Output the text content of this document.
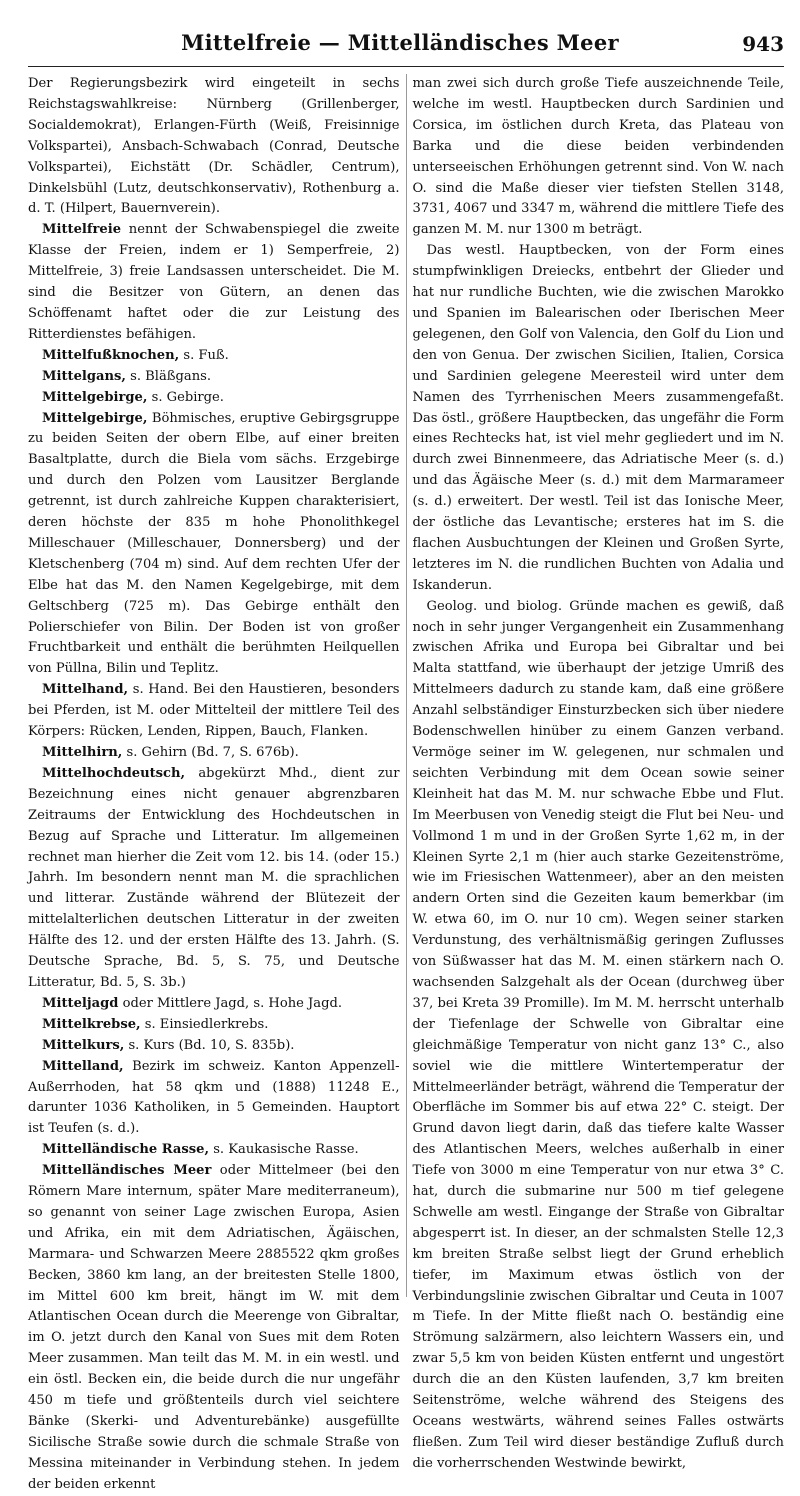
Mittelfreie — Mittelländisches Meer	943

Der Regierungsbezirk wird eingeteilt in sechs Reichstagswahlkreise: Nürnberg (Grillenberger, Socialdemokrat), Erlangen-Fürth (Weiß, Freisinnige Volkspartei), Ansbach-Schwabach (Conrad, Deutsche Volkspartei), Eichstätt (Dr. Schädler, Centrum), Dinkelsbühl (Lutz, deutschkonservativ), Rothenburg a. d. T. (Hilpert, Bauernverein).

Mittelfreie nennt der Schwabenspiegel die zweite Klasse der Freien, indem er 1) Semperfreie, 2) Mittelfreie, 3) freie Landsassen unterscheidet. Die M. sind die Besitzer von Gütern, an denen das Schöffenamt haftet oder die zur Leistung des Ritterdienstes befähigen.

Mittelfußknochen, s. Fuß.

Mittelgans, s. Bläßgans.

Mittelgebirge, s. Gebirge.

Mittelgebirge, Böhmisches, eruptive Gebirgsgruppe zu beiden Seiten der obern Elbe, auf einer breiten Basaltplatte, durch die Biela vom sächs. Erzgebirge und durch den Polzen vom Lausitzer Berglande getrennt, ist durch zahlreiche Kuppen charakterisiert, deren höchste der 835 m hohe Phonolithkegel Milleschauer (Milleschauer, Donnersberg) und der Kletschenberg (704 m) sind. Auf dem rechten Ufer der Elbe hat das M. den Namen Kegelgebirge, mit dem Geltschberg (725 m). Das Gebirge enthält den Polierschiefer von Bilin. Der Boden ist von großer Fruchtbarkeit und enthält die berühmten Heilquellen von Püllna, Bilin und Teplitz.

Mittelhand, s. Hand. Bei den Haustieren, besonders bei Pferden, ist M. oder Mittelteil der mittlere Teil des Körpers: Rücken, Lenden, Rippen, Bauch, Flanken.

Mittelhirn, s. Gehirn (Bd. 7, S. 676b).

Mittelhochdeutsch, abgekürzt Mhd., dient zur Bezeichnung eines nicht genauer abgrenzbaren Zeitraums der Entwicklung des Hochdeutschen in Bezug auf Sprache und Litteratur. Im allgemeinen rechnet man hierher die Zeit vom 12. bis 14. (oder 15.) Jahrh. Im besondern nennt man M. die sprachlichen und litterar. Zustände während der Blütezeit der mittelalterlichen deutschen Litteratur in der zweiten Hälfte des 12. und der ersten Hälfte des 13. Jahrh. (S. Deutsche Sprache, Bd. 5, S. 75, und Deutsche Litteratur, Bd. 5, S. 3b.)

Mitteljagd oder Mittlere Jagd, s. Hohe Jagd.

Mittelkrebse, s. Einsiedlerkrebs.

Mittelkurs, s. Kurs (Bd. 10, S. 835b).

Mittelland, Bezirk im schweiz. Kanton Appenzell-Außerrhoden, hat 58 qkm und (1888) 11248 E., darunter 1036 Katholiken, in 5 Gemeinden. Hauptort ist Teufen (s. d.).

Mittelländische Rasse, s. Kaukasische Rasse.

Mittelländisches Meer oder Mittelmeer (bei den Römern Mare internum, später Mare mediterraneum), so genannt von seiner Lage zwischen Europa, Asien und Afrika, ein mit dem Adriatischen, Ägäischen, Marmara- und Schwarzen Meere 2885522 qkm großes Becken, 3860 km lang, an der breitesten Stelle 1800, im Mittel 600 km breit, hängt im W. mit dem Atlantischen Ocean durch die Meerenge von Gibraltar, im O. jetzt durch den Kanal von Sues mit dem Roten Meer zusammen. Man teilt das M. M. in ein westl. und ein östl. Becken ein, die beide durch die nur ungefähr 450 m tiefe und größtenteils durch viel seichtere Bänke (Skerki- und Adventurebänke) ausgefüllte Sicilische Straße sowie durch die schmale Straße von Messina miteinander in Verbindung stehen. In jedem der beiden erkennt

man zwei sich durch große Tiefe auszeichnende Teile, welche im westl. Hauptbecken durch Sardinien und Corsica, im östlichen durch Kreta, das Plateau von Barka und die diese beiden verbindenden unterseeischen Erhöhungen getrennt sind. Von W. nach O. sind die Maße dieser vier tiefsten Stellen 3148, 3731, 4067 und 3347 m, während die mittlere Tiefe des ganzen M. M. nur 1300 m beträgt.

Das westl. Hauptbecken, von der Form eines stumpfwinkligen Dreiecks, entbehrt der Glieder und hat nur rundliche Buchten, wie die zwischen Marokko und Spanien im Balearischen oder Iberischen Meer gelegenen, den Golf von Valencia, den Golf du Lion und den von Genua. Der zwischen Sicilien, Italien, Corsica und Sardinien gelegene Meeresteil wird unter dem Namen des Tyrrhenischen Meers zusammengefaßt. Das östl., größere Hauptbecken, das ungefähr die Form eines Rechtecks hat, ist viel mehr gegliedert und im N. durch zwei Binnenmeere, das Adriatische Meer (s. d.) und das Ägäische Meer (s. d.) mit dem Marmarameer (s. d.) erweitert. Der westl. Teil ist das Ionische Meer, der östliche das Levantische; ersteres hat im S. die flachen Ausbuchtungen der Kleinen und Großen Syrte, letzteres im N. die rundlichen Buchten von Adalia und Iskanderun.

Geolog. und biolog. Gründe machen es gewiß, daß noch in sehr junger Vergangenheit ein Zusammenhang zwischen Afrika und Europa bei Gibraltar und bei Malta stattfand, wie überhaupt der jetzige Umriß des Mittelmeers dadurch zu stande kam, daß eine größere Anzahl selbständiger Einsturzbecken sich über niedere Bodenschwellen hinüber zu einem Ganzen verband. Vermöge seiner im W. gelegenen, nur schmalen und seichten Verbindung mit dem Ocean sowie seiner Kleinheit hat das M. M. nur schwache Ebbe und Flut. Im Meerbusen von Venedig steigt die Flut bei Neu- und Vollmond 1 m und in der Großen Syrte 1,62 m, in der Kleinen Syrte 2,1 m (hier auch starke Gezeitenströme, wie im Friesischen Wattenmeer), aber an den meisten andern Orten sind die Gezeiten kaum bemerkbar (im W. etwa 60, im O. nur 10 cm). Wegen seiner starken Verdunstung, des verhältnismäßig geringen Zuflusses von Süßwasser hat das M. M. einen stärkern nach O. wachsenden Salzgehalt als der Ocean (durchweg über 37, bei Kreta 39 Promille). Im M. M. herrscht unterhalb der Tiefenlage der Schwelle von Gibraltar eine gleichmäßige Temperatur von nicht ganz 13° C., also soviel wie die mittlere Wintertemperatur der Mittelmeerländer beträgt, während die Temperatur der Oberfläche im Sommer bis auf etwa 22° C. steigt. Der Grund davon liegt darin, daß das tiefere kalte Wasser des Atlantischen Meers, welches außerhalb in einer Tiefe von 3000 m eine Temperatur von nur etwa 3° C. hat, durch die submarine nur 500 m tief gelegene Schwelle am westl. Eingange der Straße von Gibraltar abgesperrt ist. In dieser, an der schmalsten Stelle 12,3 km breiten Straße selbst liegt der Grund erheblich tiefer, im Maximum etwas östlich von der Verbindungslinie zwischen Gibraltar und Ceuta in 1007 m Tiefe. In der Mitte fließt nach O. beständig eine Strömung salzärmern, also leichtern Wassers ein, und zwar 5,5 km von beiden Küsten entfernt und ungestört durch die an den Küsten laufenden, 3,7 km breiten Seitenströme, welche während des Steigens des Oceans westwärts, während seines Falles ostwärts fließen. Zum Teil wird dieser beständige Zufluß durch die vorherrschenden Westwinde bewirkt,
